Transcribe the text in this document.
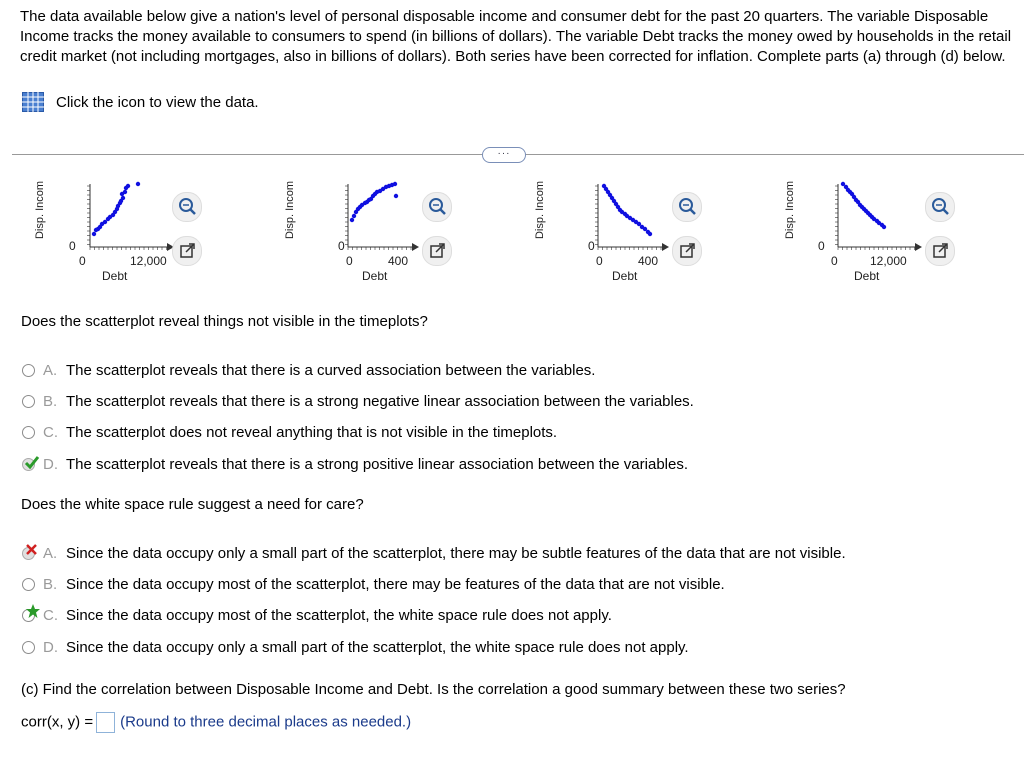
The data available below give a nation's level of personal disposable income and consumer debt for the past 20 quarters. The variable Disposable Income tracks the money available to consumers to spend (in billions of dollars). The variable Debt tracks the money owed by households in the retail credit market (not including mortgages, also in billions of dollars). Both series have been corrected for inflation. Complete parts (a) through (d) below.
Click the icon to view the data.
···
Disp. Incom
0
0	12,000
Debt
Disp. Incom
0
0	400
Debt
Disp. Incom
0
0	400
Debt
Disp. Incom
0
0	12,000
Debt
Does the scatterplot reveal things not visible in the timeplots?
A. The scatterplot reveals that there is a curved association between the variables.
B. The scatterplot reveals that there is a strong negative linear association between the variables.
C. The scatterplot does not reveal anything that is not visible in the timeplots.
D. The scatterplot reveals that there is a strong positive linear association between the variables.
Does the white space rule suggest a need for care?
A. Since the data occupy only a small part of the scatterplot, there may be subtle features of the data that are not visible.
B. Since the data occupy most of the scatterplot, there may be features of the data that are not visible.
C. Since the data occupy most of the scatterplot, the white space rule does not apply.
D. Since the data occupy only a small part of the scatterplot, the white space rule does not apply.
(c) Find the correlation between Disposable Income and Debt. Is the correlation a good summary between these two series?
corr(x, y) = (Round to three decimal places as needed.)
